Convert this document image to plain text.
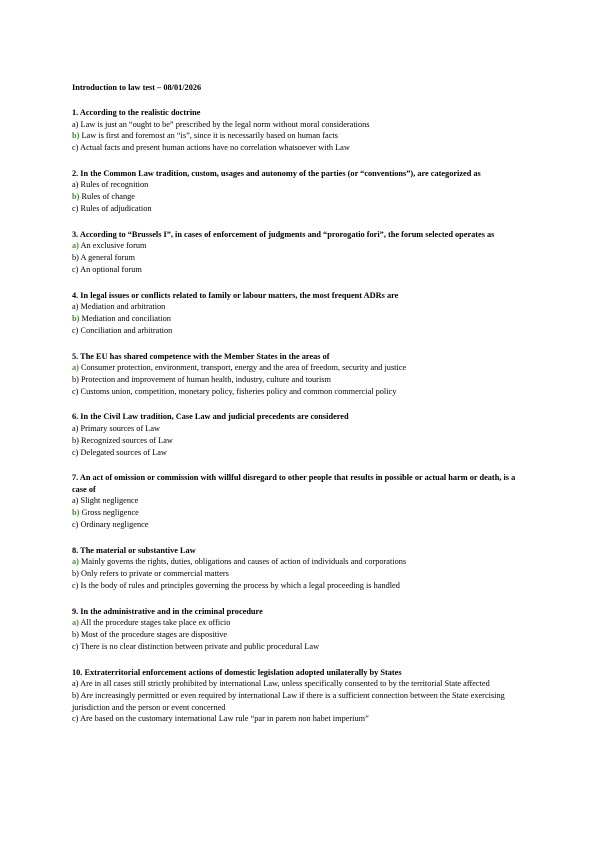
Introduction to law test – 08/01/2026
1. According to the realistic doctrine
a) Law is just an “ought to be” prescribed by the legal norm without moral considerations
b) Law is first and foremost an “is”, since it is necessarily based on human facts
c) Actual facts and present human actions have no correlation whatsoever with Law
2. In the Common Law tradition, custom, usages and autonomy of the parties (or “conventions”), are categorized as
a) Rules of recognition
b) Rules of change
c) Rules of adjudication
3. According to “Brussels I”, in cases of enforcement of judgments and “prorogatio fori”, the forum selected operates as
a) An exclusive forum
b) A general forum
c) An optional forum
4. In legal issues or conflicts related to family or labour matters, the most frequent ADRs are
a) Mediation and arbitration
b) Mediation and conciliation
c) Conciliation and arbitration
5. The EU has shared competence with the Member States in the areas of
a) Consumer protection, environment, transport, energy and the area of freedom, security and justice
b) Protection and improvement of human health, industry, culture and tourism
c) Customs union, competition, monetary policy, fisheries policy and common commercial policy
6. In the Civil Law tradition, Case Law and judicial precedents are considered
a) Primary sources of Law
b) Recognized sources of Law
c) Delegated sources of Law
7. An act of omission or commission with willful disregard to other people that results in possible or actual harm or death, is a case of
a) Slight negligence
b) Gross negligence
c) Ordinary negligence
8. The material or substantive Law
a) Mainly governs the rights, duties, obligations and causes of action of individuals and corporations
b) Only refers to private or commercial matters
c) Is the body of rules and principles governing the process by which a legal proceeding is handled
9. In the administrative and in the criminal procedure
a) All the procedure stages take place ex officio
b) Most of the procedure stages are dispositive
c) There is no clear distinction between private and public procedural Law
10. Extraterritorial enforcement actions of domestic legislation adopted unilaterally by States
a) Are in all cases still strictly prohibited by international Law, unless specifically consented to by the territorial State affected
b) Are increasingly permitted or even required by international Law if there is a sufficient connection between the State exercising jurisdiction and the person or event concerned
c) Are based on the customary international Law rule “par in parem non habet imperium”
